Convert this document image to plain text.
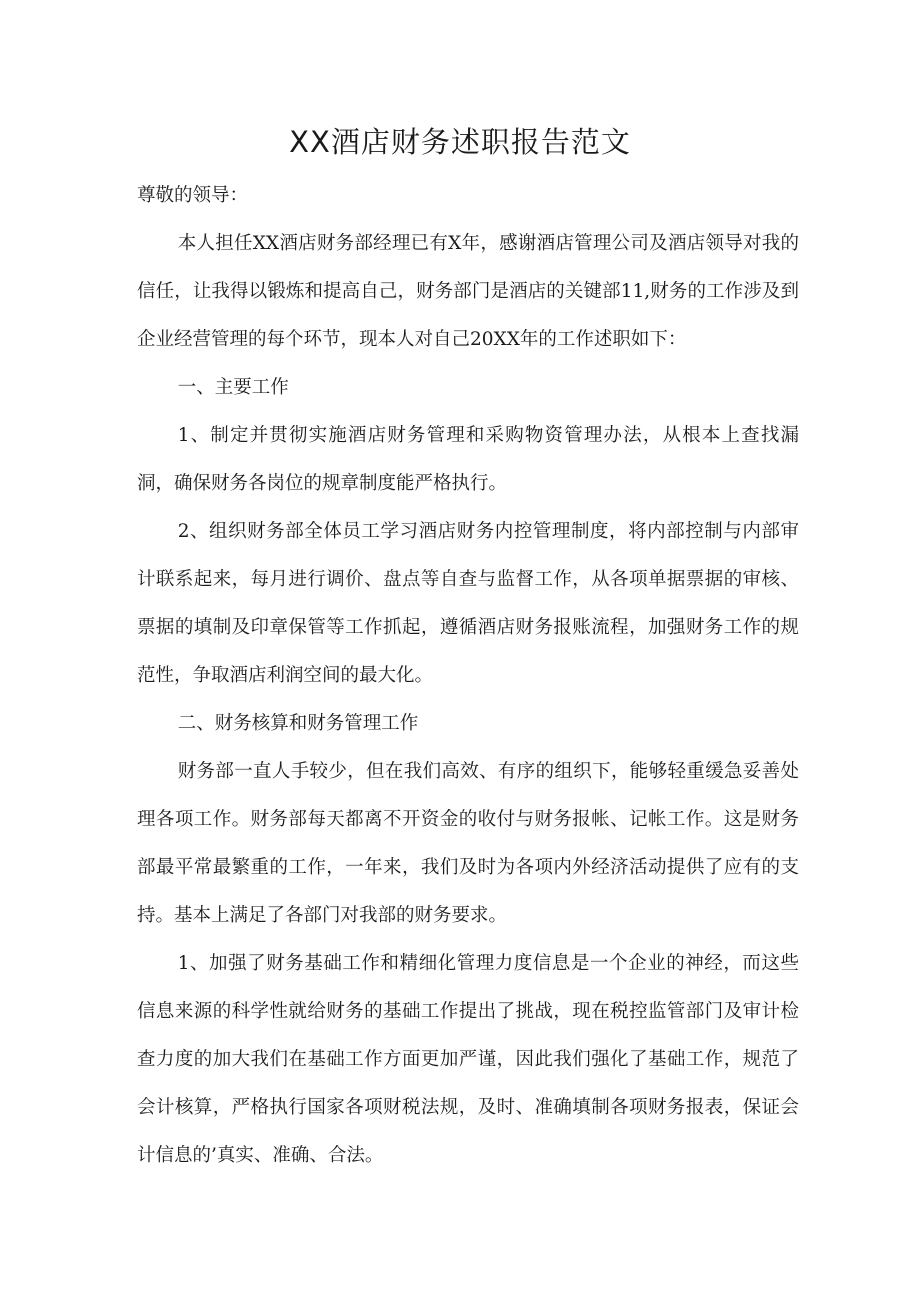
XX酒店财务述职报告范文

尊敬的领导：

本人担任XX酒店财务部经理已有X年，感谢酒店管理公司及酒店领导对我的信任，让我得以锻炼和提高自己，财务部门是酒店的关键部11,财务的工作涉及到企业经营管理的每个环节，现本人对自己20XX年的工作述职如下：

一、主要工作

1、制定并贯彻实施酒店财务管理和采购物资管理办法，从根本上查找漏洞，确保财务各岗位的规章制度能严格执行。

2、组织财务部全体员工学习酒店财务内控管理制度，将内部控制与内部审计联系起来，每月进行调价、盘点等自查与监督工作，从各项单据票据的审核、票据的填制及印章保管等工作抓起，遵循酒店财务报账流程，加强财务工作的规范性，争取酒店利润空间的最大化。

二、财务核算和财务管理工作

财务部一直人手较少，但在我们高效、有序的组织下，能够轻重缓急妥善处理各项工作。财务部每天都离不开资金的收付与财务报帐、记帐工作。这是财务部最平常最繁重的工作，一年来，我们及时为各项内外经济活动提供了应有的支持。基本上满足了各部门对我部的财务要求。

1、加强了财务基础工作和精细化管理力度信息是一个企业的神经，而这些信息来源的科学性就给财务的基础工作提出了挑战，现在税控监管部门及审计检查力度的加大我们在基础工作方面更加严谨，因此我们强化了基础工作，规范了会计核算，严格执行国家各项财税法规，及时、准确填制各项财务报表，保证会计信息的’真实、准确、合法。
